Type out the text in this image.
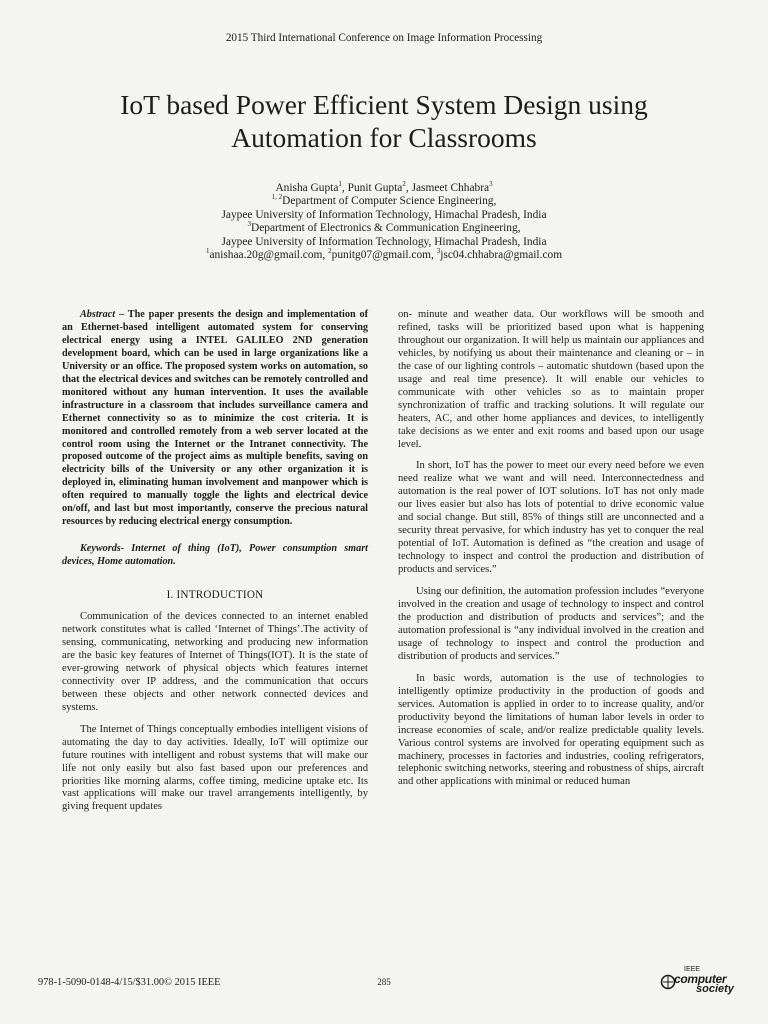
2015 Third International Conference on Image Information Processing
IoT based Power Efficient System Design using Automation for Classrooms
Anisha Gupta$^1$, Punit Gupta$^2$, Jasmeet Chhabra$^3$
$^{1, 2}$Department of Computer Science Engineering,
Jaypee University of Information Technology, Himachal Pradesh, India
$^3$Department of Electronics & Communication Engineering,
Jaypee University of Information Technology, Himachal Pradesh, India
$^1$anishaa.20g@gmail.com, $^2$punitg07@gmail.com, $^3$jsc04.chhabra@gmail.com

Abstract – The paper presents the design and implementation of an Ethernet-based intelligent automated system for conserving electrical energy using a INTEL GALILEO 2ND generation development board, which can be used in large organizations like a University or an office. The proposed system works on automation, so that the electrical devices and switches can be remotely controlled and monitored without any human intervention. It uses the available infrastructure in a classroom that includes surveillance camera and Ethernet connectivity so as to minimize the cost criteria. It is monitored and controlled remotely from a web server located at the control room using the Internet or the Intranet connectivity. The proposed outcome of the project aims as multiple benefits, saving on electricity bills of the University or any other organization it is deployed in, eliminating human involvement and manpower which is often required to manually toggle the lights and electrical device on/off, and last but most importantly, conserve the precious natural resources by reducing electrical energy consumption.

Keywords- Internet of thing (IoT), Power consumption smart devices, Home automation.

I. INTRODUCTION

Communication of the devices connected to an internet enabled network constitutes what is called ‘Internet of Things’.The activity of sensing, communicating, networking and producing new information are the basic key features of Internet of Things(IOT). It is the state of ever-growing network of physical objects which features internet connectivity over IP address, and the communication that occurs between these objects and other network connected devices and systems.

The Internet of Things conceptually embodies intelligent visions of automating the day to day activities. Ideally, IoT will optimize our future routines with intelligent and robust systems that will make our life not only easily but also fast based upon our preferences and priorities like morning alarms, coffee timing, medicine uptake etc. Its vast applications will make our travel arrangements intelligently, by giving frequent updates

on- minute and weather data. Our workflows will be smooth and refined, tasks will be prioritized based upon what is happening throughout our organization. It will help us maintain our appliances and vehicles, by notifying us about their maintenance and cleaning or – in the case of our lighting controls – automatic shutdown (based upon the usage and real time presence). It will enable our vehicles to communicate with other vehicles so as to maintain proper synchronization of traffic and tracking solutions. It will regulate our heaters, AC, and other home appliances and devices, to intelligently take decisions as we enter and exit rooms and based upon our usage level.

In short, IoT has the power to meet our every need before we even need realize what we want and will need. Interconnectedness and automation is the real power of IOT solutions. IoT has not only made our lives easier but also has lots of potential to drive economic value and social change. But still, 85% of things still are unconnected and a security threat pervasive, for which industry has yet to conquer the real potential of IoT. Automation is defined as “the creation and usage of technology to inspect and control the production and distribution of products and services.”

Using our definition, the automation profession includes “everyone involved in the creation and usage of technology to inspect and control the production and distribution of products and services”; and the automation professional is “any individual involved in the creation and usage of technology to inspect and control the production and distribution of products and services.”

In basic words, automation is the use of technologies to intelligently optimize productivity in the production of goods and services. Automation is applied in order to to increase quality, and/or productivity beyond the limitations of human labor levels in order to increase economies of scale, and/or realize predictable quality levels. Various control systems are involved for operating equipment such as machinery, processes in factories and industries, cooling refrigerators, telephonic switching networks, steering and robustness of ships, aircraft and other applications with minimal or reduced human

978-1-5090-0148-4/15/$31.00© 2015 IEEE	285
IEEE
computer
society
